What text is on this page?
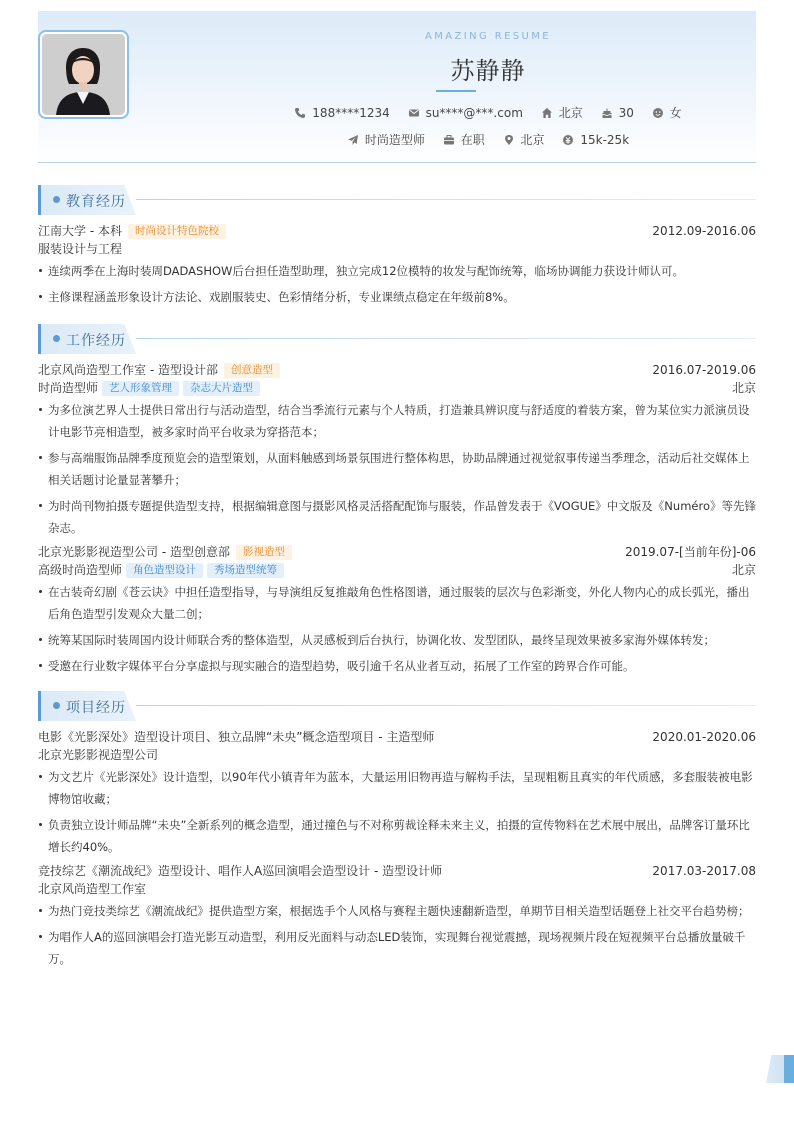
AMAZING RESUME
苏静静
188****1234	su****@***.com	北京	30	女
时尚造型师	在职	北京	15k-25k
教育经历
江南大学 - 本科 时尚设计特色院校	2012.09-2016.06
服装设计与工程
连续两季在上海时装周DADASHOW后台担任造型助理，独立完成12位模特的妆发与配饰统筹，临场协调能力获设计师认可。
主修课程涵盖形象设计方法论、戏剧服装史、色彩情绪分析，专业课绩点稳定在年级前8%。
工作经历
北京风尚造型工作室 - 造型设计部 创意造型	2016.07-2019.06
时尚造型师 艺人形象管理 杂志大片造型	北京
为多位演艺界人士提供日常出行与活动造型，结合当季流行元素与个人特质，打造兼具辨识度与舒适度的着装方案，曾为某位实力派演员设计电影节亮相造型，被多家时尚平台收录为穿搭范本；
参与高端服饰品牌季度预览会的造型策划，从面料触感到场景氛围进行整体构思，协助品牌通过视觉叙事传递当季理念，活动后社交媒体上相关话题讨论量显著攀升；
为时尚刊物拍摄专题提供造型支持，根据编辑意图与摄影风格灵活搭配配饰与服装，作品曾发表于《VOGUE》中文版及《Numéro》等先锋杂志。
北京光影影视造型公司 - 造型创意部 影视造型	2019.07-[当前年份]-06
高级时尚造型师 角色造型设计 秀场造型统筹	北京
在古装奇幻剧《苍云诀》中担任造型指导，与导演组反复推敲角色性格图谱，通过服装的层次与色彩渐变，外化人物内心的成长弧光，播出后角色造型引发观众大量二创；
统筹某国际时装周国内设计师联合秀的整体造型，从灵感板到后台执行，协调化妆、发型团队，最终呈现效果被多家海外媒体转发；
受邀在行业数字媒体平台分享虚拟与现实融合的造型趋势，吸引逾千名从业者互动，拓展了工作室的跨界合作可能。
项目经历
电影《光影深处》造型设计项目、独立品牌“未央”概念造型项目 - 主造型师	2020.01-2020.06
北京光影影视造型公司
为文艺片《光影深处》设计造型，以90年代小镇青年为蓝本，大量运用旧物再造与解构手法，呈现粗粝且真实的年代质感，多套服装被电影博物馆收藏；
负责独立设计师品牌“未央”全新系列的概念造型，通过撞色与不对称剪裁诠释未来主义，拍摄的宣传物料在艺术展中展出，品牌客订量环比增长约40%。
竞技综艺《潮流战纪》造型设计、唱作人A巡回演唱会造型设计 - 造型设计师	2017.03-2017.08
北京风尚造型工作室
为热门竞技类综艺《潮流战纪》提供造型方案，根据选手个人风格与赛程主题快速翻新造型，单期节目相关造型话题登上社交平台趋势榜；
为唱作人A的巡回演唱会打造光影互动造型，利用反光面料与动态LED装饰，实现舞台视觉震撼，现场视频片段在短视频平台总播放量破千万。
